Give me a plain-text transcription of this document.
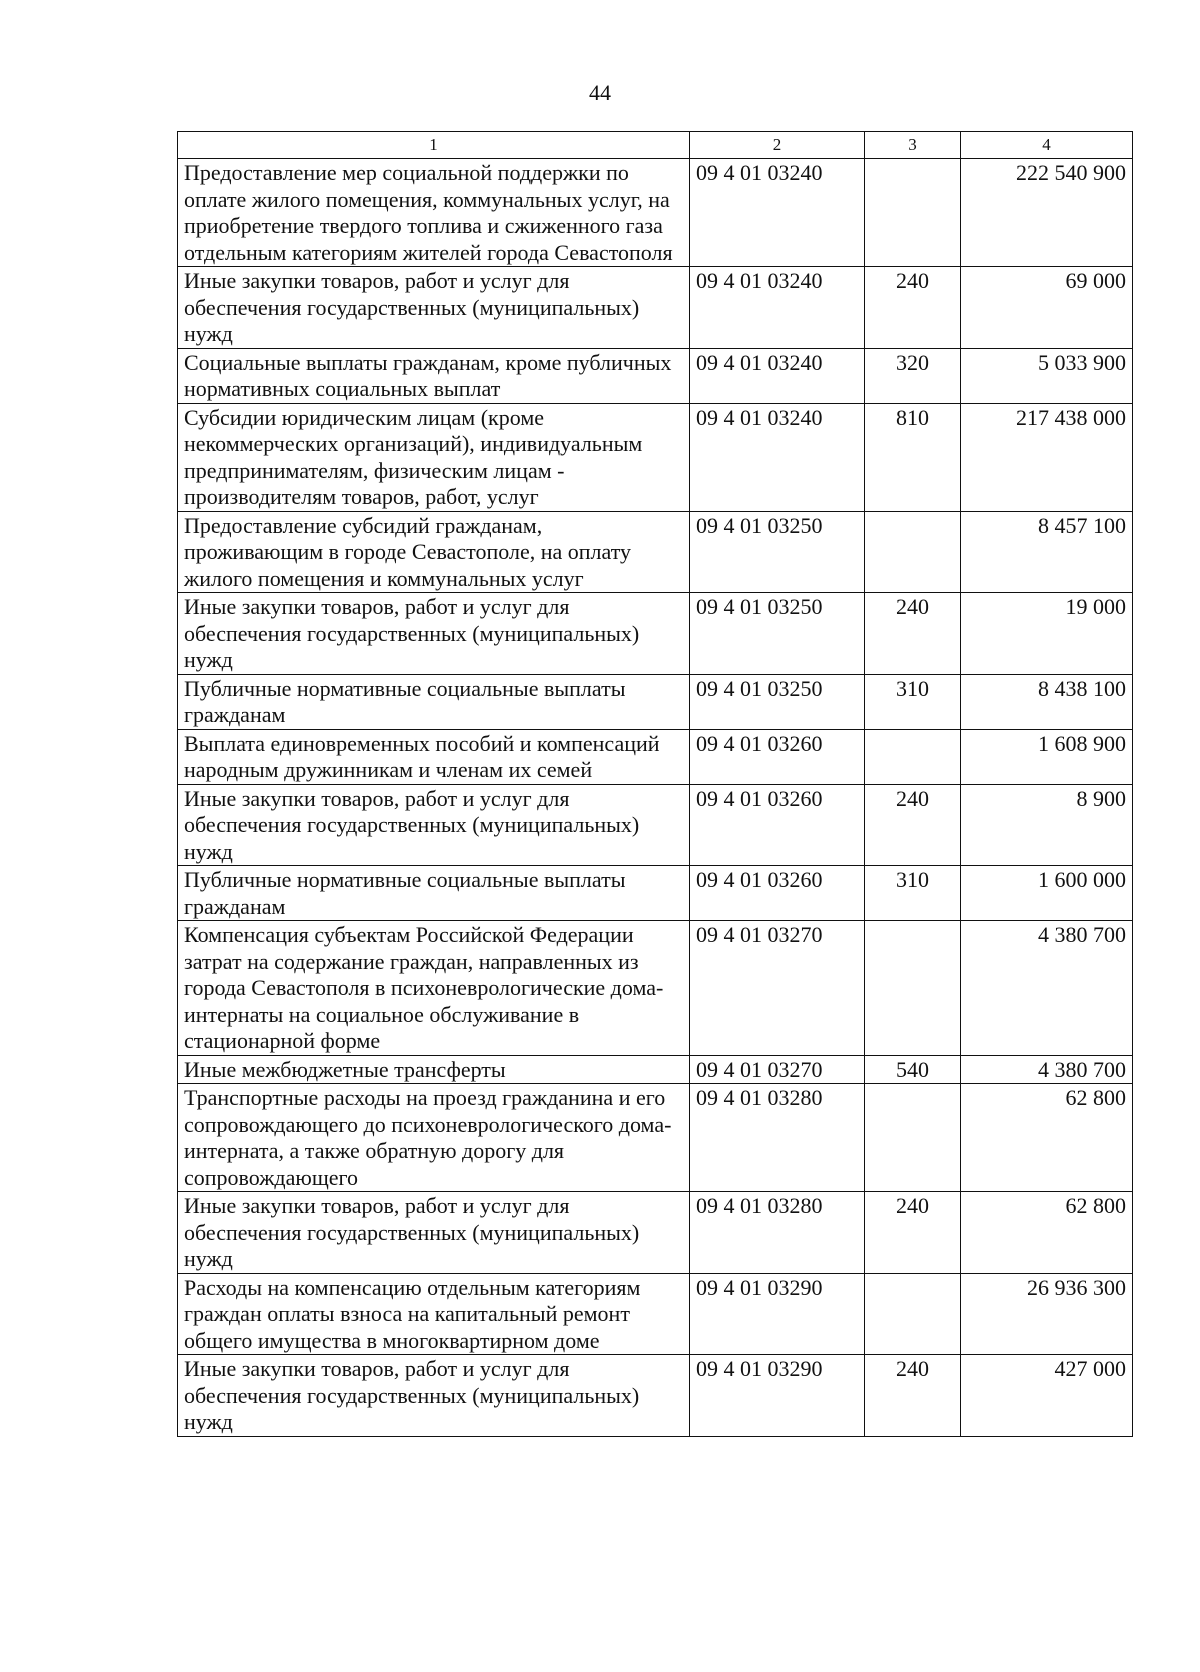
44
1	2	3	4
Предоставление мер социальной поддержки по оплате жилого помещения, коммунальных услуг, на приобретение твердого топлива и сжиженного газа отдельным категориям жителей города Севастополя	09 4 01 03240		222 540 900
Иные закупки товаров, работ и услуг для обеспечения государственных (муниципальных) нужд	09 4 01 03240	240	69 000
Социальные выплаты гражданам, кроме публичных нормативных социальных выплат	09 4 01 03240	320	5 033 900
Субсидии юридическим лицам (кроме некоммерческих организаций), индивидуальным предпринимателям, физическим лицам - производителям товаров, работ, услуг	09 4 01 03240	810	217 438 000
Предоставление субсидий гражданам, проживающим в городе Севастополе, на оплату жилого помещения и коммунальных услуг	09 4 01 03250		8 457 100
Иные закупки товаров, работ и услуг для обеспечения государственных (муниципальных) нужд	09 4 01 03250	240	19 000
Публичные нормативные социальные выплаты гражданам	09 4 01 03250	310	8 438 100
Выплата единовременных пособий и компенсаций народным дружинникам и членам их семей	09 4 01 03260		1 608 900
Иные закупки товаров, работ и услуг для обеспечения государственных (муниципальных) нужд	09 4 01 03260	240	8 900
Публичные нормативные социальные выплаты гражданам	09 4 01 03260	310	1 600 000
Компенсация субъектам Российской Федерации затрат на содержание граждан, направленных из города Севастополя в психоневрологические дома-интернаты на социальное обслуживание в стационарной форме	09 4 01 03270		4 380 700
Иные межбюджетные трансферты	09 4 01 03270	540	4 380 700
Транспортные расходы на проезд гражданина и его сопровождающего до психоневрологического дома-интерната, а также обратную дорогу для сопровождающего	09 4 01 03280		62 800
Иные закупки товаров, работ и услуг для обеспечения государственных (муниципальных) нужд	09 4 01 03280	240	62 800
Расходы на компенсацию отдельным категориям граждан оплаты взноса на капитальный ремонт общего имущества в многоквартирном доме	09 4 01 03290		26 936 300
Иные закупки товаров, работ и услуг для обеспечения государственных (муниципальных) нужд	09 4 01 03290	240	427 000
